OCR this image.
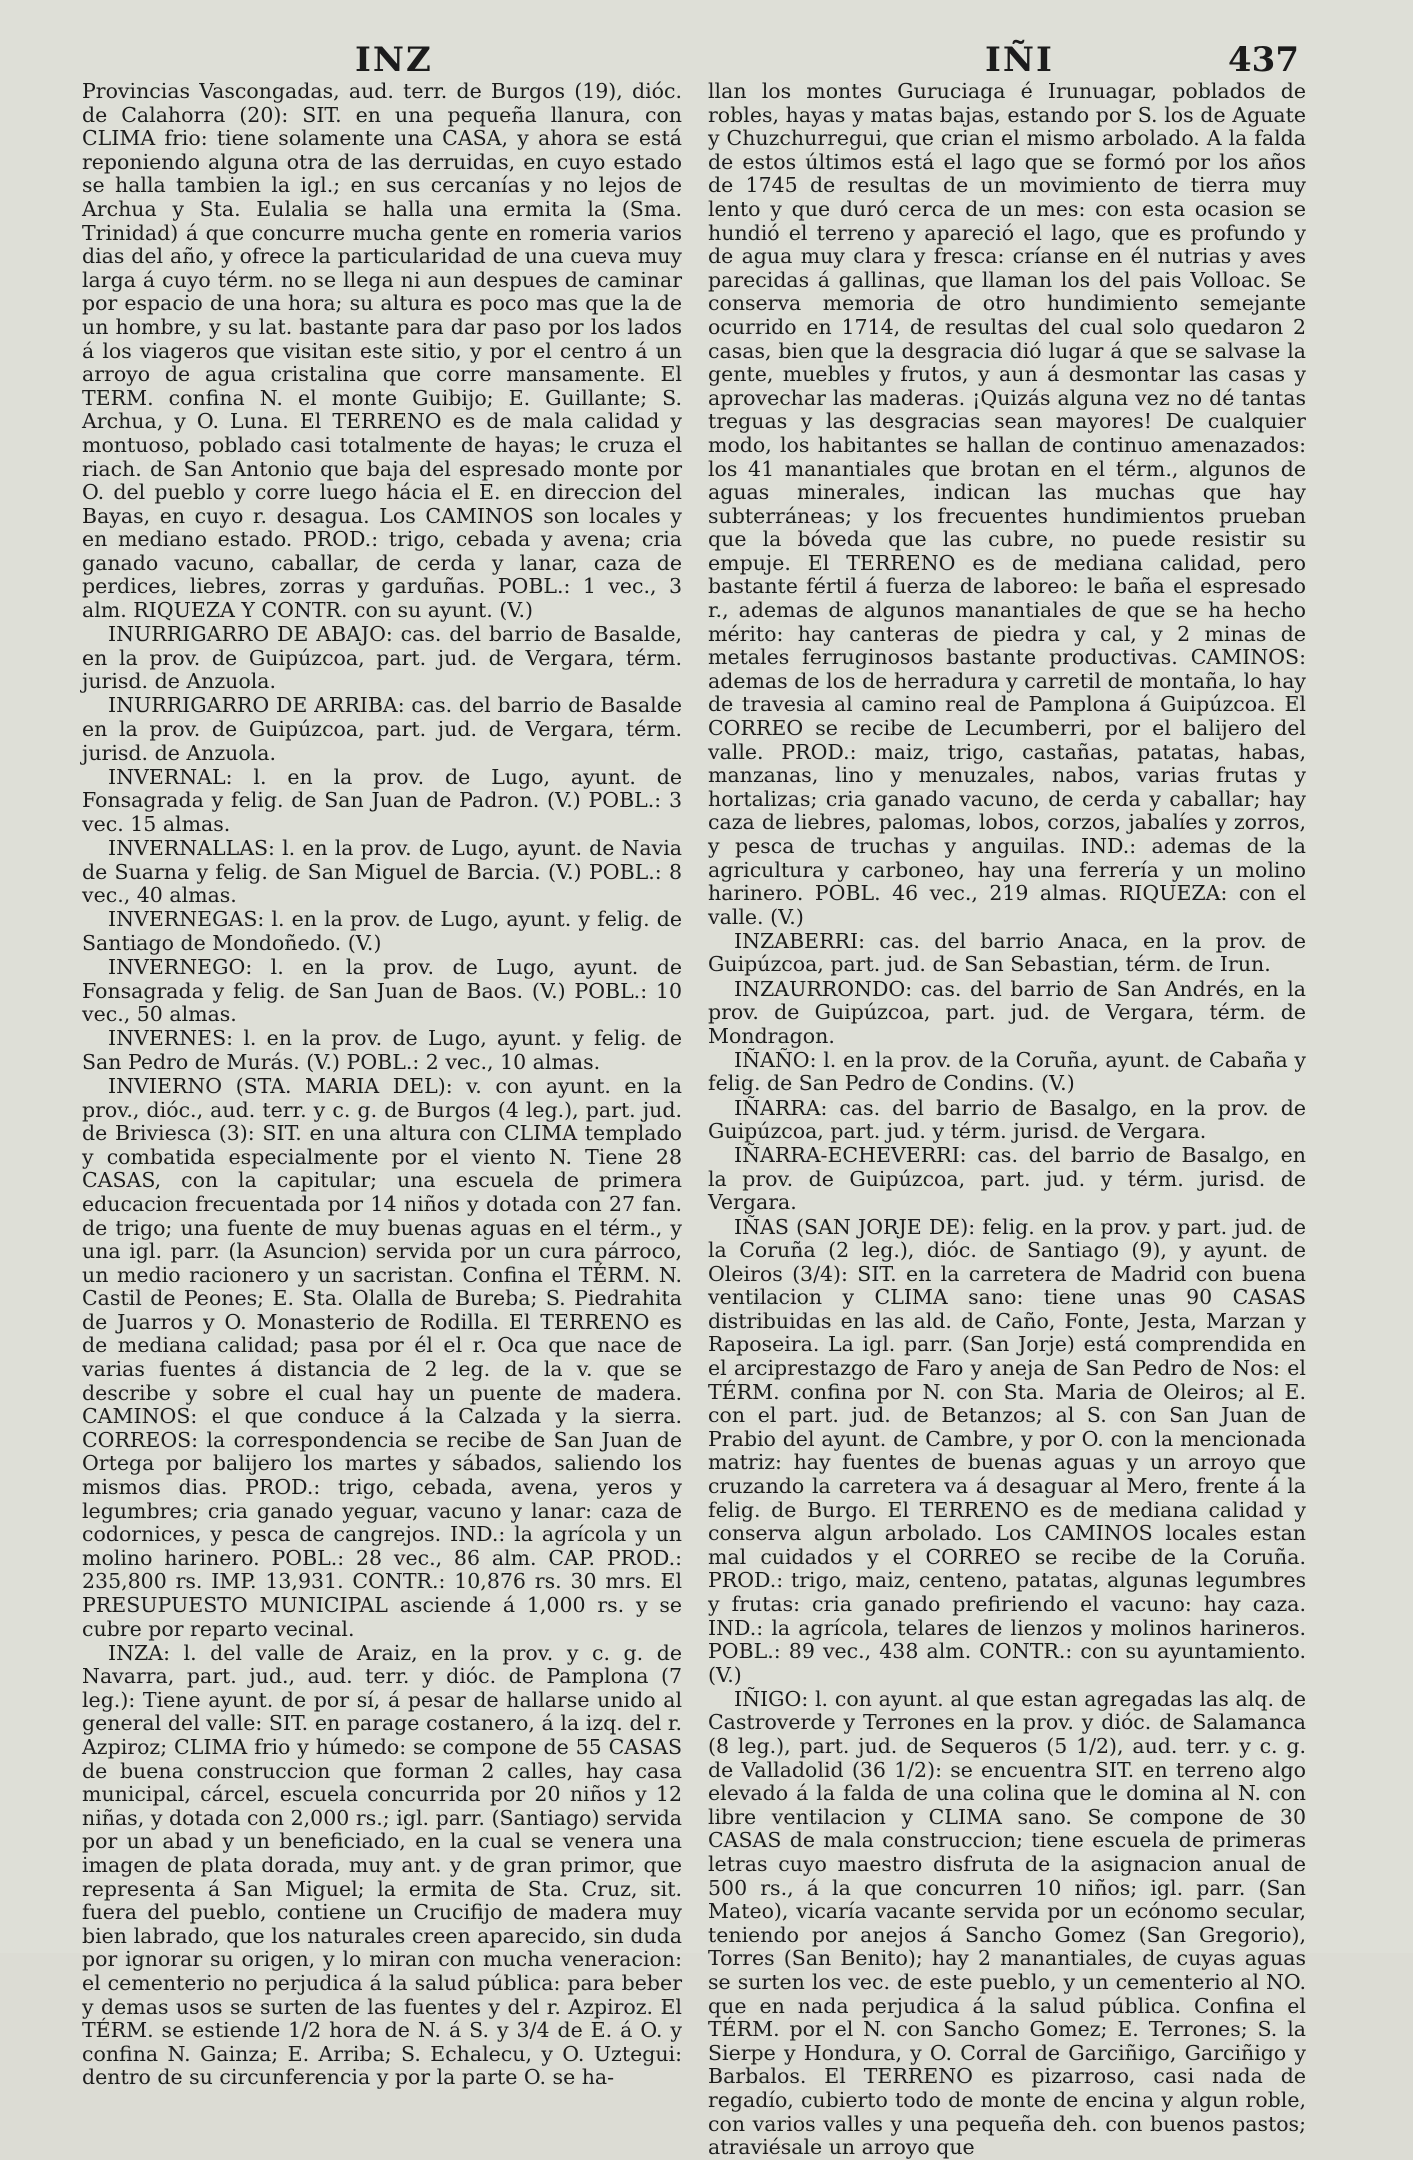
INZ	IÑI	437

Provincias Vascongadas, aud. terr. de Burgos (19), dióc. de Calahorra (20): SIT. en una pequeña llanura, con CLIMA frio: tiene solamente una CASA, y ahora se está reponiendo alguna otra de las derruidas, en cuyo estado se halla tambien la igl.; en sus cercanías y no lejos de Archua y Sta. Eulalia se halla una ermita la (Sma. Trinidad) á que concurre mucha gente en romeria varios dias del año, y ofrece la particularidad de una cueva muy larga á cuyo térm. no se llega ni aun despues de caminar por espacio de una hora; su altura es poco mas que la de un hombre, y su lat. bastante para dar paso por los lados á los viageros que visitan este sitio, y por el centro á un arroyo de agua cristalina que corre mansamente. El TERM. confina N. el monte Guibijo; E. Guillante; S. Archua, y O. Luna. El TERRENO es de mala calidad y montuoso, poblado casi totalmente de hayas; le cruza el riach. de San Antonio que baja del espresado monte por O. del pueblo y corre luego hácia el E. en direccion del Bayas, en cuyo r. desagua. Los CAMINOS son locales y en mediano estado. PROD.: trigo, cebada y avena; cria ganado vacuno, caballar, de cerda y lanar, caza de perdices, liebres, zorras y garduñas. POBL.: 1 vec., 3 alm. RIQUEZA Y CONTR. con su ayunt. (V.)

INURRIGARRO DE ABAJO: cas. del barrio de Basalde, en la prov. de Guipúzcoa, part. jud. de Vergara, térm. jurisd. de Anzuola.

INURRIGARRO DE ARRIBA: cas. del barrio de Basalde en la prov. de Guipúzcoa, part. jud. de Vergara, térm. jurisd. de Anzuola.

INVERNAL: l. en la prov. de Lugo, ayunt. de Fonsagrada y felig. de San Juan de Padron. (V.) POBL.: 3 vec. 15 almas.

INVERNALLAS: l. en la prov. de Lugo, ayunt. de Navia de Suarna y felig. de San Miguel de Barcia. (V.) POBL.: 8 vec., 40 almas.

INVERNEGAS: l. en la prov. de Lugo, ayunt. y felig. de Santiago de Mondoñedo. (V.)

INVERNEGO: l. en la prov. de Lugo, ayunt. de Fonsagrada y felig. de San Juan de Baos. (V.) POBL.: 10 vec., 50 almas.

INVERNES: l. en la prov. de Lugo, ayunt. y felig. de San Pedro de Murás. (V.) POBL.: 2 vec., 10 almas.

INVIERNO (STA. MARIA DEL): v. con ayunt. en la prov., dióc., aud. terr. y c. g. de Burgos (4 leg.), part. jud. de Briviesca (3): SIT. en una altura con CLIMA templado y combatida especialmente por el viento N. Tiene 28 CASAS, con la capitular; una escuela de primera educacion frecuentada por 14 niños y dotada con 27 fan. de trigo; una fuente de muy buenas aguas en el térm., y una igl. parr. (la Asuncion) servida por un cura párroco, un medio racionero y un sacristan. Confina el TÉRM. N. Castil de Peones; E. Sta. Olalla de Bureba; S. Piedrahita de Juarros y O. Monasterio de Rodilla. El TERRENO es de mediana calidad; pasa por él el r. Oca que nace de varias fuentes á distancia de 2 leg. de la v. que se describe y sobre el cual hay un puente de madera. CAMINOS: el que conduce á la Calzada y la sierra. CORREOS: la correspondencia se recibe de San Juan de Ortega por balijero los martes y sábados, saliendo los mismos dias. PROD.: trigo, cebada, avena, yeros y legumbres; cria ganado yeguar, vacuno y lanar: caza de codornices, y pesca de cangrejos. IND.: la agrícola y un molino harinero. POBL.: 28 vec., 86 alm. CAP. PROD.: 235,800 rs. IMP. 13,931. CONTR.: 10,876 rs. 30 mrs. El PRESUPUESTO MUNICIPAL asciende á 1,000 rs. y se cubre por reparto vecinal.

INZA: l. del valle de Araiz, en la prov. y c. g. de Navarra, part. jud., aud. terr. y dióc. de Pamplona (7 leg.): Tiene ayunt. de por sí, á pesar de hallarse unido al general del valle: SIT. en parage costanero, á la izq. del r. Azpiroz; CLIMA frio y húmedo: se compone de 55 CASAS de buena construccion que forman 2 calles, hay casa municipal, cárcel, escuela concurrida por 20 niños y 12 niñas, y dotada con 2,000 rs.; igl. parr. (Santiago) servida por un abad y un beneficiado, en la cual se venera una imagen de plata dorada, muy ant. y de gran primor, que representa á San Miguel; la ermita de Sta. Cruz, sit. fuera del pueblo, contiene un Crucifijo de madera muy bien labrado, que los naturales creen aparecido, sin duda por ignorar su origen, y lo miran con mucha veneracion: el cementerio no perjudica á la salud pública: para beber y demas usos se surten de las fuentes y del r. Azpiroz. El TÉRM. se estiende 1/2 hora de N. á S. y 3/4 de E. á O. y confina N. Gainza; E. Arriba; S. Echalecu, y O. Uztegui: dentro de su circunferencia y por la parte O. se ha-

llan los montes Guruciaga é Irunuagar, poblados de robles, hayas y matas bajas, estando por S. los de Aguate y Chuzchurregui, que crian el mismo arbolado. A la falda de estos últimos está el lago que se formó por los años de 1745 de resultas de un movimiento de tierra muy lento y que duró cerca de un mes: con esta ocasion se hundió el terreno y apareció el lago, que es profundo y de agua muy clara y fresca: críanse en él nutrias y aves parecidas á gallinas, que llaman los del pais Volloac. Se conserva memoria de otro hundimiento semejante ocurrido en 1714, de resultas del cual solo quedaron 2 casas, bien que la desgracia dió lugar á que se salvase la gente, muebles y frutos, y aun á desmontar las casas y aprovechar las maderas. ¡Quizás alguna vez no dé tantas treguas y las desgracias sean mayores! De cualquier modo, los habitantes se hallan de continuo amenazados: los 41 manantiales que brotan en el térm., algunos de aguas minerales, indican las muchas que hay subterráneas; y los frecuentes hundimientos prueban que la bóveda que las cubre, no puede resistir su empuje. El TERRENO es de mediana calidad, pero bastante fértil á fuerza de laboreo: le baña el espresado r., ademas de algunos manantiales de que se ha hecho mérito: hay canteras de piedra y cal, y 2 minas de metales ferruginosos bastante productivas. CAMINOS: ademas de los de herradura y carretil de montaña, lo hay de travesia al camino real de Pamplona á Guipúzcoa. El CORREO se recibe de Lecumberri, por el balijero del valle. PROD.: maiz, trigo, castañas, patatas, habas, manzanas, lino y menuzales, nabos, varias frutas y hortalizas; cria ganado vacuno, de cerda y caballar; hay caza de liebres, palomas, lobos, corzos, jabalíes y zorros, y pesca de truchas y anguilas. IND.: ademas de la agricultura y carboneo, hay una ferrería y un molino harinero. POBL. 46 vec., 219 almas. RIQUEZA: con el valle. (V.)

INZABERRI: cas. del barrio Anaca, en la prov. de Guipúzcoa, part. jud. de San Sebastian, térm. de Irun.

INZAURRONDO: cas. del barrio de San Andrés, en la prov. de Guipúzcoa, part. jud. de Vergara, térm. de Mondragon.

IÑAÑO: l. en la prov. de la Coruña, ayunt. de Cabaña y felig. de San Pedro de Condins. (V.)

IÑARRA: cas. del barrio de Basalgo, en la prov. de Guipúzcoa, part. jud. y térm. jurisd. de Vergara.

IÑARRA-ECHEVERRI: cas. del barrio de Basalgo, en la prov. de Guipúzcoa, part. jud. y térm. jurisd. de Vergara.

IÑAS (SAN JORJE DE): felig. en la prov. y part. jud. de la Coruña (2 leg.), dióc. de Santiago (9), y ayunt. de Oleiros (3/4): SIT. en la carretera de Madrid con buena ventilacion y CLIMA sano: tiene unas 90 CASAS distribuidas en las ald. de Caño, Fonte, Jesta, Marzan y Raposeira. La igl. parr. (San Jorje) está comprendida en el arciprestazgo de Faro y aneja de San Pedro de Nos: el TÉRM. confina por N. con Sta. Maria de Oleiros; al E. con el part. jud. de Betanzos; al S. con San Juan de Prabio del ayunt. de Cambre, y por O. con la mencionada matriz: hay fuentes de buenas aguas y un arroyo que cruzando la carretera va á desaguar al Mero, frente á la felig. de Burgo. El TERRENO es de mediana calidad y conserva algun arbolado. Los CAMINOS locales estan mal cuidados y el CORREO se recibe de la Coruña. PROD.: trigo, maiz, centeno, patatas, algunas legumbres y frutas: cria ganado prefiriendo el vacuno: hay caza. IND.: la agrícola, telares de lienzos y molinos harineros. POBL.: 89 vec., 438 alm. CONTR.: con su ayuntamiento. (V.)

IÑIGO: l. con ayunt. al que estan agregadas las alq. de Castroverde y Terrones en la prov. y dióc. de Salamanca (8 leg.), part. jud. de Sequeros (5 1/2), aud. terr. y c. g. de Valladolid (36 1/2): se encuentra SIT. en terreno algo elevado á la falda de una colina que le domina al N. con libre ventilacion y CLIMA sano. Se compone de 30 CASAS de mala construccion; tiene escuela de primeras letras cuyo maestro disfruta de la asignacion anual de 500 rs., á la que concurren 10 niños; igl. parr. (San Mateo), vicaría vacante servida por un ecónomo secular, teniendo por anejos á Sancho Gomez (San Gregorio), Torres (San Benito); hay 2 manantiales, de cuyas aguas se surten los vec. de este pueblo, y un cementerio al NO. que en nada perjudica á la salud pública. Confina el TÉRM. por el N. con Sancho Gomez; E. Terrones; S. la Sierpe y Hondura, y O. Corral de Garciñigo, Garciñigo y Barbalos. El TERRENO es pizarroso, casi nada de regadío, cubierto todo de monte de encina y algun roble, con varios valles y una pequeña deh. con buenos pastos; atraviésale un arroyo que
